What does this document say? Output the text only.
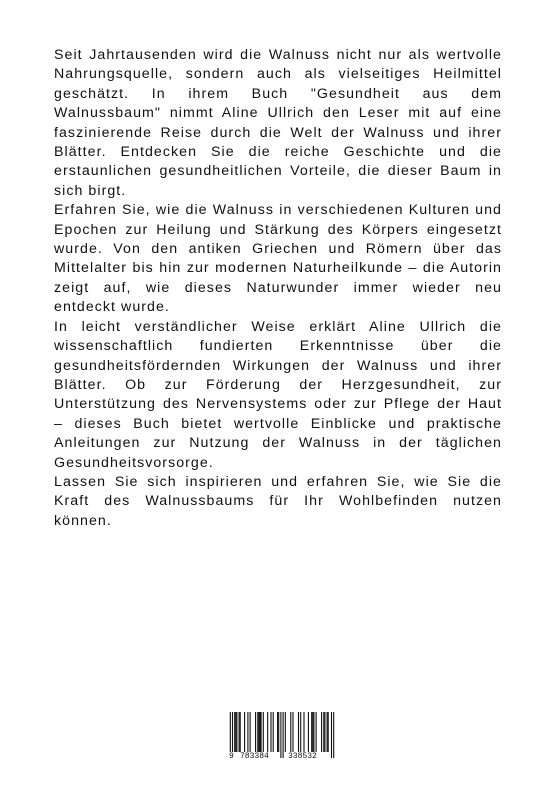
Seit Jahrtausenden wird die Walnuss nicht nur als wertvolle Nahrungsquelle, sondern auch als vielseitiges Heilmittel geschätzt. In ihrem Buch "Gesundheit aus dem Walnussbaum" nimmt Aline Ullrich den Leser mit auf eine faszinierende Reise durch die Welt der Walnuss und ihrer Blätter. Entdecken Sie die reiche Geschichte und die erstaunlichen gesundheitlichen Vorteile, die dieser Baum in sich birgt.

Erfahren Sie, wie die Walnuss in verschiedenen Kulturen und Epochen zur Heilung und Stärkung des Körpers eingesetzt wurde. Von den antiken Griechen und Römern über das Mittelalter bis hin zur modernen Naturheilkunde – die Autorin zeigt auf, wie dieses Naturwunder immer wieder neu entdeckt wurde.

In leicht verständlicher Weise erklärt Aline Ullrich die wissenschaftlich fundierten Erkenntnisse über die gesundheitsfördernden Wirkungen der Walnuss und ihrer Blätter. Ob zur Förderung der Herzgesundheit, zur Unterstützung des Nervensystems oder zur Pflege der Haut – dieses Buch bietet wertvolle Einblicke und praktische Anleitungen zur Nutzung der Walnuss in der täglichen Gesundheitsvorsorge.

Lassen Sie sich inspirieren und erfahren Sie, wie Sie die Kraft des Walnussbaums für Ihr Wohlbefinden nutzen können.

9 783384 338532
